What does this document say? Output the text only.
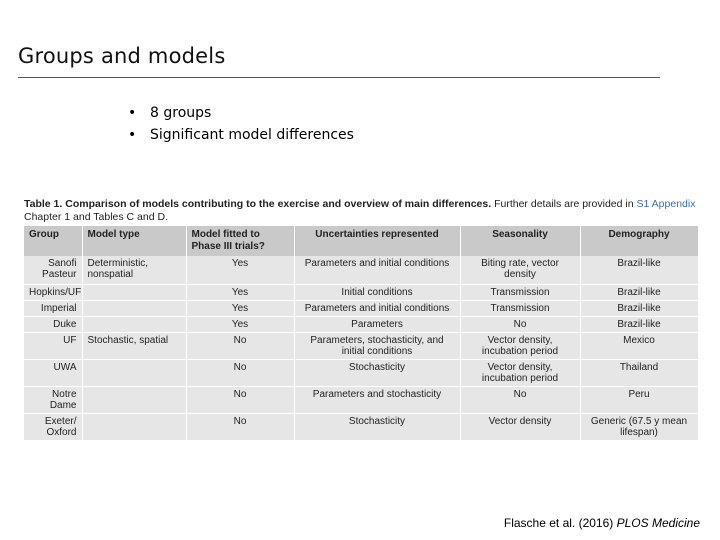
Groups and models
• 8 groups
• Significant model differences
Table 1. Comparison of models contributing to the exercise and overview of main differences. Further details are provided in S1 Appendix Chapter 1 and Tables C and D.
Group	Model type	Model fitted to Phase III trials?	Uncertainties represented	Seasonality	Demography
Sanofi Pasteur	Deterministic, nonspatial	Yes	Parameters and initial conditions	Biting rate, vector density	Brazil-like
Hopkins/UF		Yes	Initial conditions	Transmission	Brazil-like
Imperial		Yes	Parameters and initial conditions	Transmission	Brazil-like
Duke		Yes	Parameters	No	Brazil-like
UF	Stochastic, spatial	No	Parameters, stochasticity, and initial conditions	Vector density, incubation period	Mexico
UWA		No	Stochasticity	Vector density, incubation period	Thailand
Notre Dame		No	Parameters and stochasticity	No	Peru
Exeter/ Oxford		No	Stochasticity	Vector density	Generic (67.5 y mean lifespan)
Flasche et al. (2016) PLOS Medicine
